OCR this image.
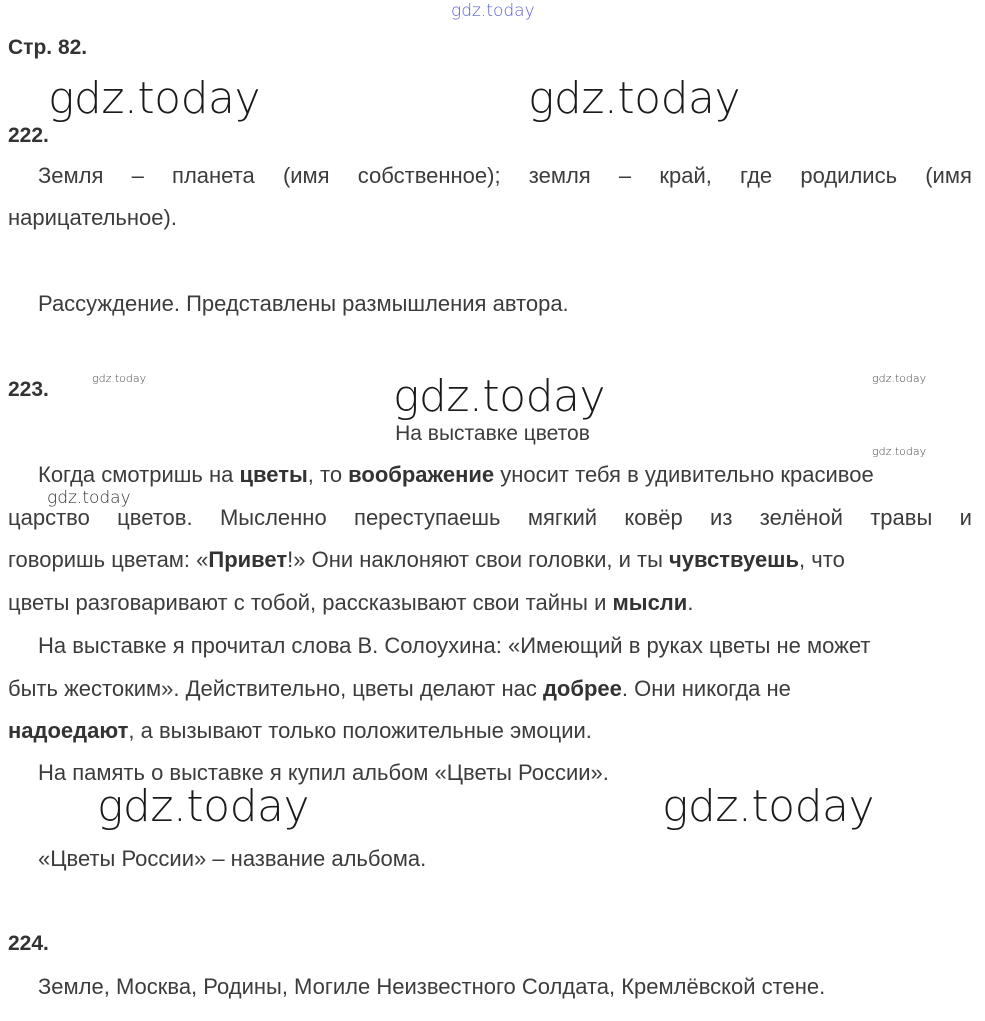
gdz.today
gdz.today	gdz.today
gdz.today
gdz.today	gdz.today
gdz.today
gdz.today
gdz.today	gdz.today
Стр. 82.
222.
Земля – планета (имя собственное); земля – край, где родились (имя
нарицательное).
Рассуждение. Представлены размышления автора.
223.
На выставке цветов
Когда смотришь на цветы, то воображение уносит тебя в удивительно красивое
царство цветов. Мысленно переступаешь мягкий ковёр из зелёной травы и
говоришь цветам: «Привет!» Они наклоняют свои головки, и ты чувствуешь, что
цветы разговаривают с тобой, рассказывают свои тайны и мысли.
На выставке я прочитал слова В. Солоухина: «Имеющий в руках цветы не может
быть жестоким». Действительно, цветы делают нас добрее. Они никогда не
надоедают, а вызывают только положительные эмоции.
На память о выставке я купил альбом «Цветы России».
«Цветы России» – название альбома.
224.
Земле, Москва, Родины, Могиле Неизвестного Солдата, Кремлёвской стене.
